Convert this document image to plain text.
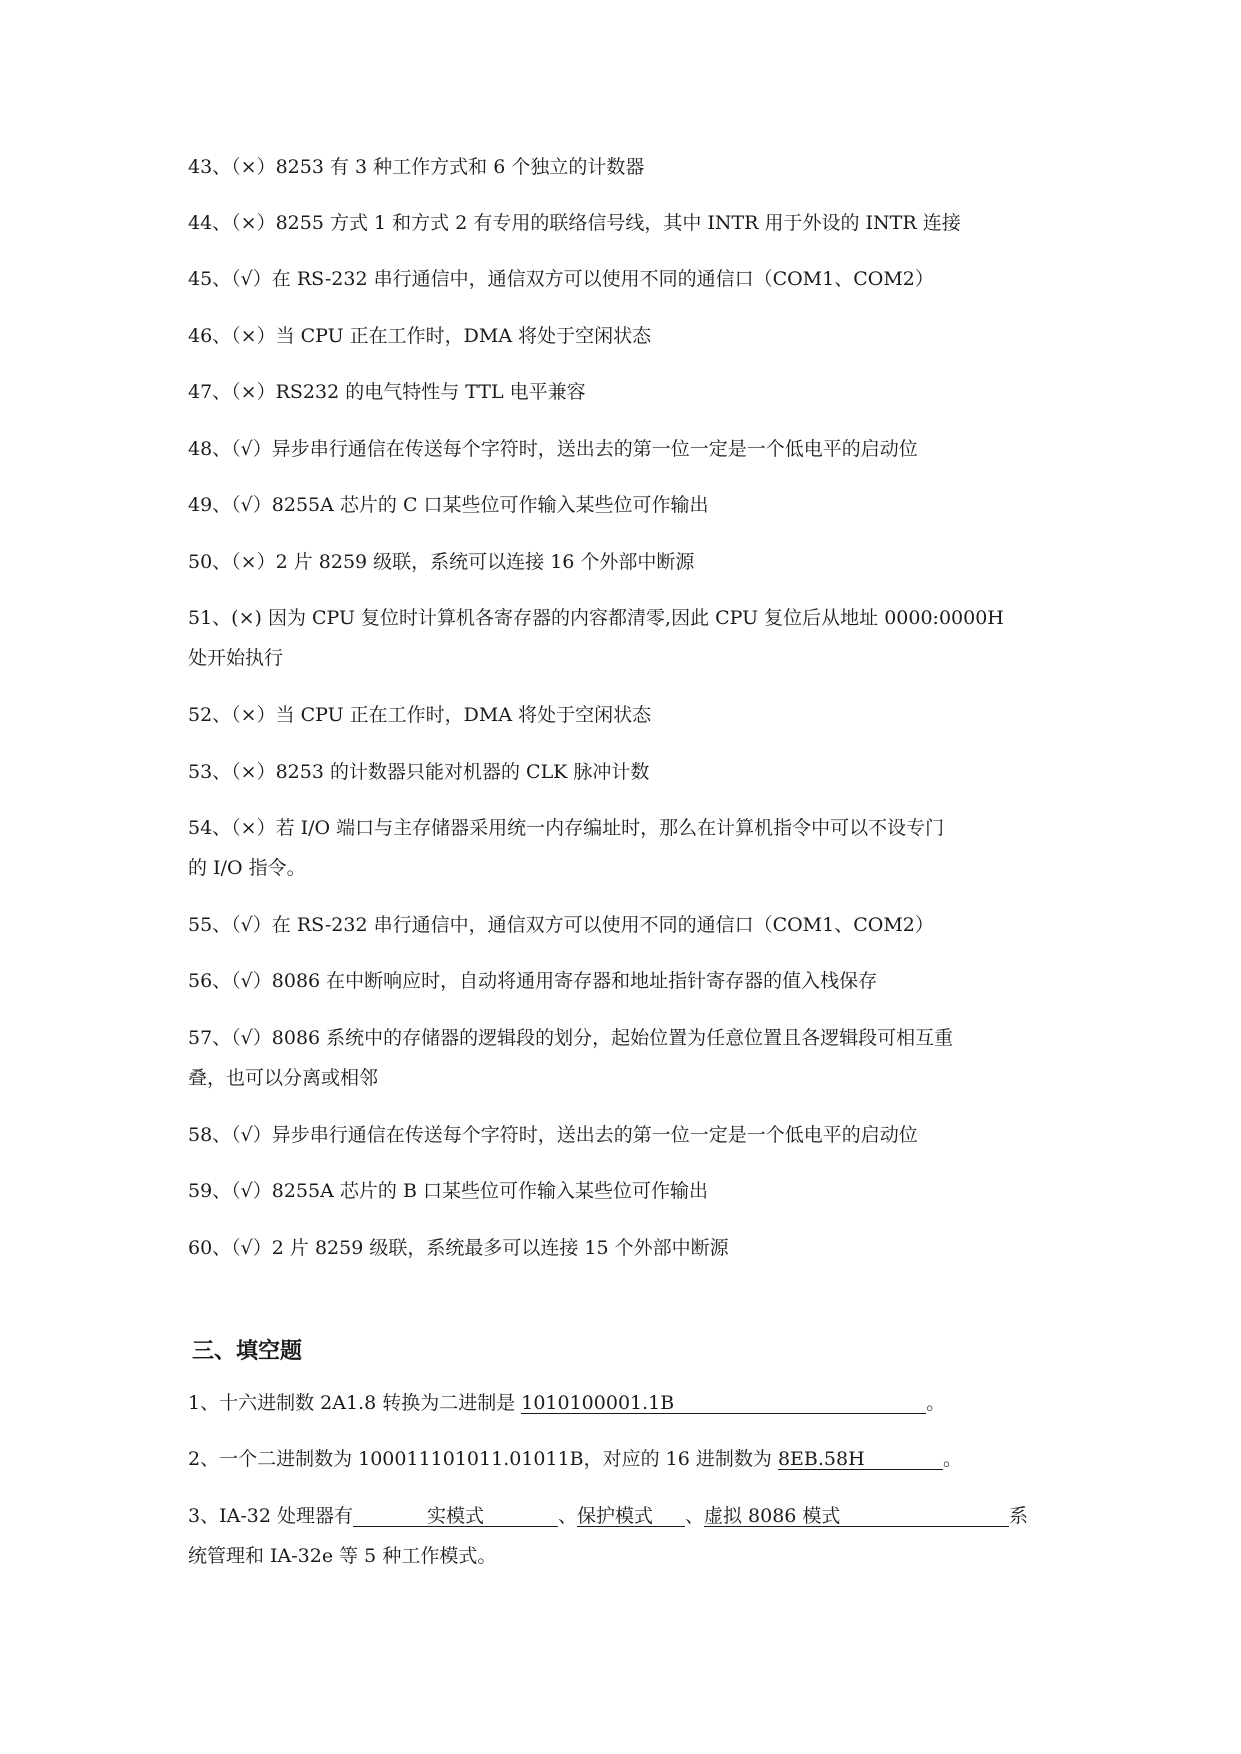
43、（×）8253 有 3 种工作方式和 6 个独立的计数器
44、（×）8255 方式 1 和方式 2 有专用的联络信号线，其中 INTR 用于外设的 INTR 连接
45、（√）在 RS-232 串行通信中，通信双方可以使用不同的通信口（COM1、COM2）
46、（×）当 CPU 正在工作时，DMA 将处于空闲状态
47、（×）RS232 的电气特性与 TTL 电平兼容
48、（√）异步串行通信在传送每个字符时，送出去的第一位一定是一个低电平的启动位
49、（√）8255A 芯片的 C 口某些位可作输入某些位可作输出
50、（×）2 片 8259 级联，系统可以连接 16 个外部中断源
51、(×) 因为 CPU 复位时计算机各寄存器的内容都清零,因此 CPU 复位后从地址 0000:0000H
处开始执行
52、（×）当 CPU 正在工作时，DMA 将处于空闲状态
53、（×）8253 的计数器只能对机器的 CLK 脉冲计数
54、（×）若 I/O 端口与主存储器采用统一内存编址时，那么在计算机指令中可以不设专门
的 I/O 指令。
55、（√）在 RS-232 串行通信中，通信双方可以使用不同的通信口（COM1、COM2）
56、（√）8086 在中断响应时，自动将通用寄存器和地址指针寄存器的值入栈保存
57、（√）8086 系统中的存储器的逻辑段的划分，起始位置为任意位置且各逻辑段可相互重
叠，也可以分离或相邻
58、（√）异步串行通信在传送每个字符时，送出去的第一位一定是一个低电平的启动位
59、（√）8255A 芯片的 B 口某些位可作输入某些位可作输出
60、（√）2 片 8259 级联，系统最多可以连接 15 个外部中断源
三、填空题
1、十六进制数 2A1.8 转换为二进制是 1010100001.1B	。
2、一个二进制数为 100011101011.01011B，对应的 16 进制数为 8EB.58H	。
3、IA-32 处理器有	实模式	、保护模式 、虚拟 8086 模式	系
统管理和 IA-32e 等 5 种工作模式。
